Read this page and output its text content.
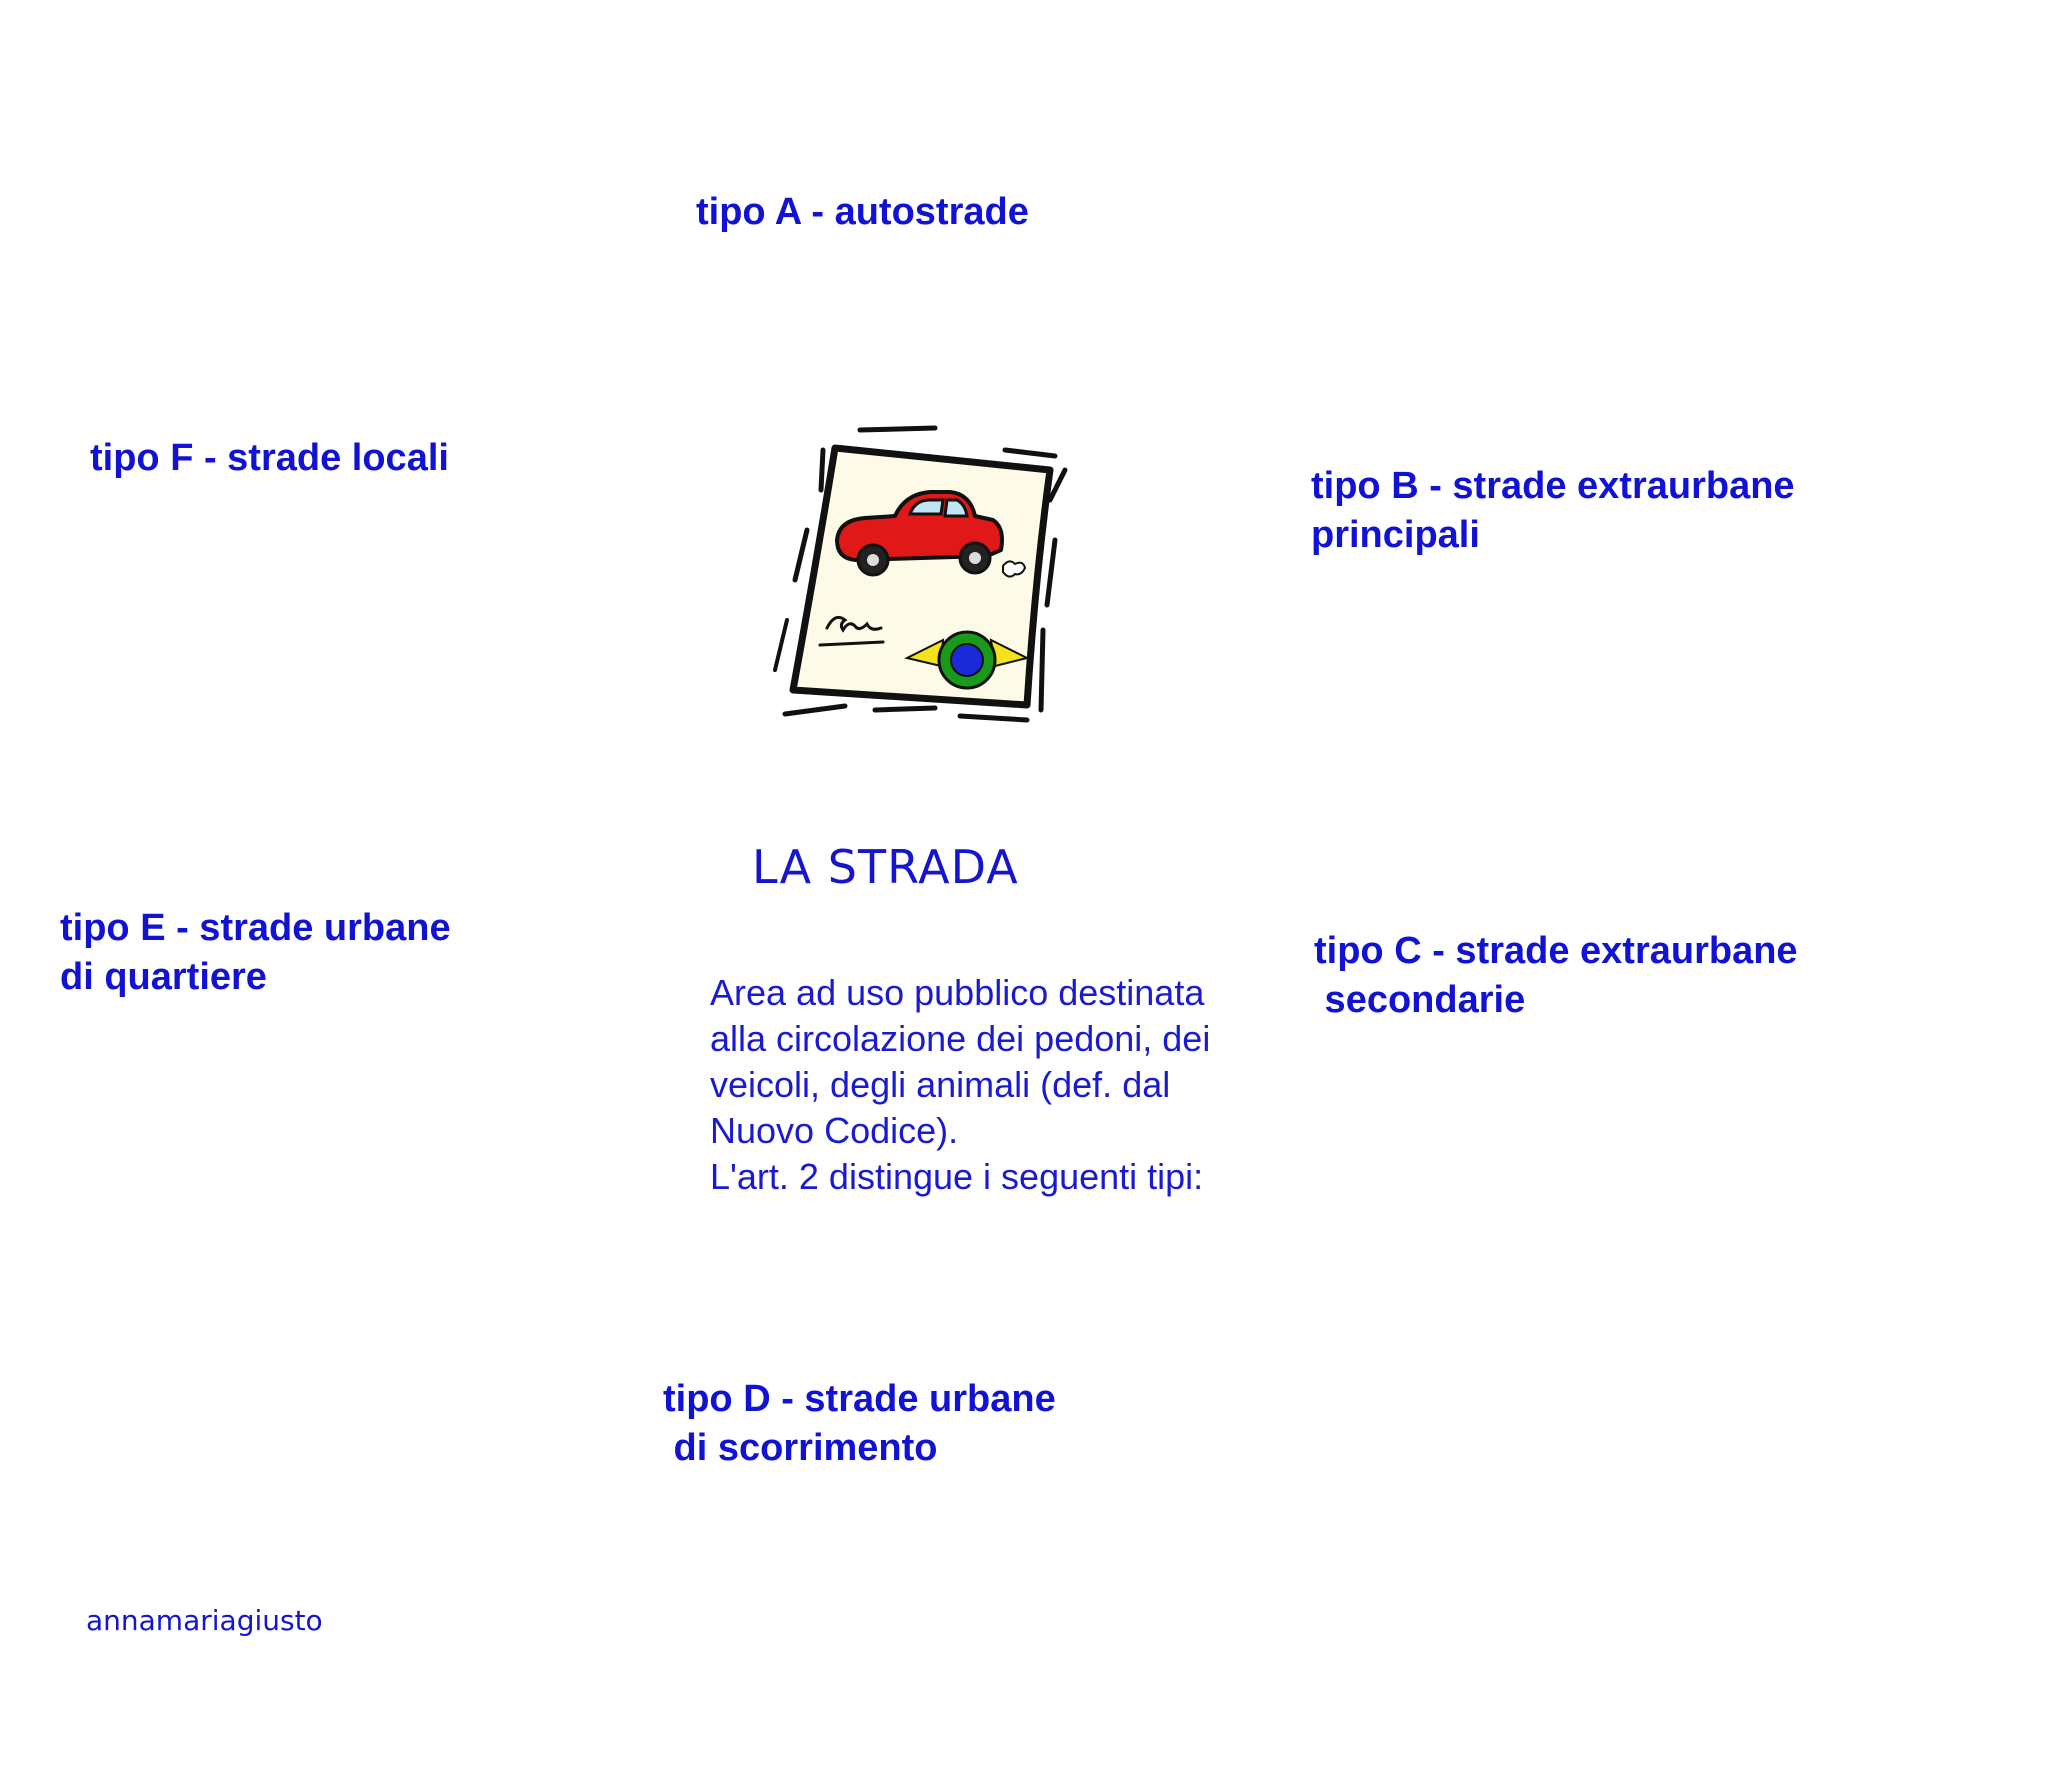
tipo A - autostrade
tipo F - strade locali
tipo B - strade extraurbane
principali
tipo E - strade urbane
di quartiere
tipo C - strade extraurbane
secondarie
tipo D - strade urbane
di scorrimento
LA STRADA
Area ad uso pubblico destinata
alla circolazione dei pedoni, dei
veicoli, degli animali (def. dal
Nuovo Codice).
L'art. 2 distingue i seguenti tipi:
annamariagiusto
